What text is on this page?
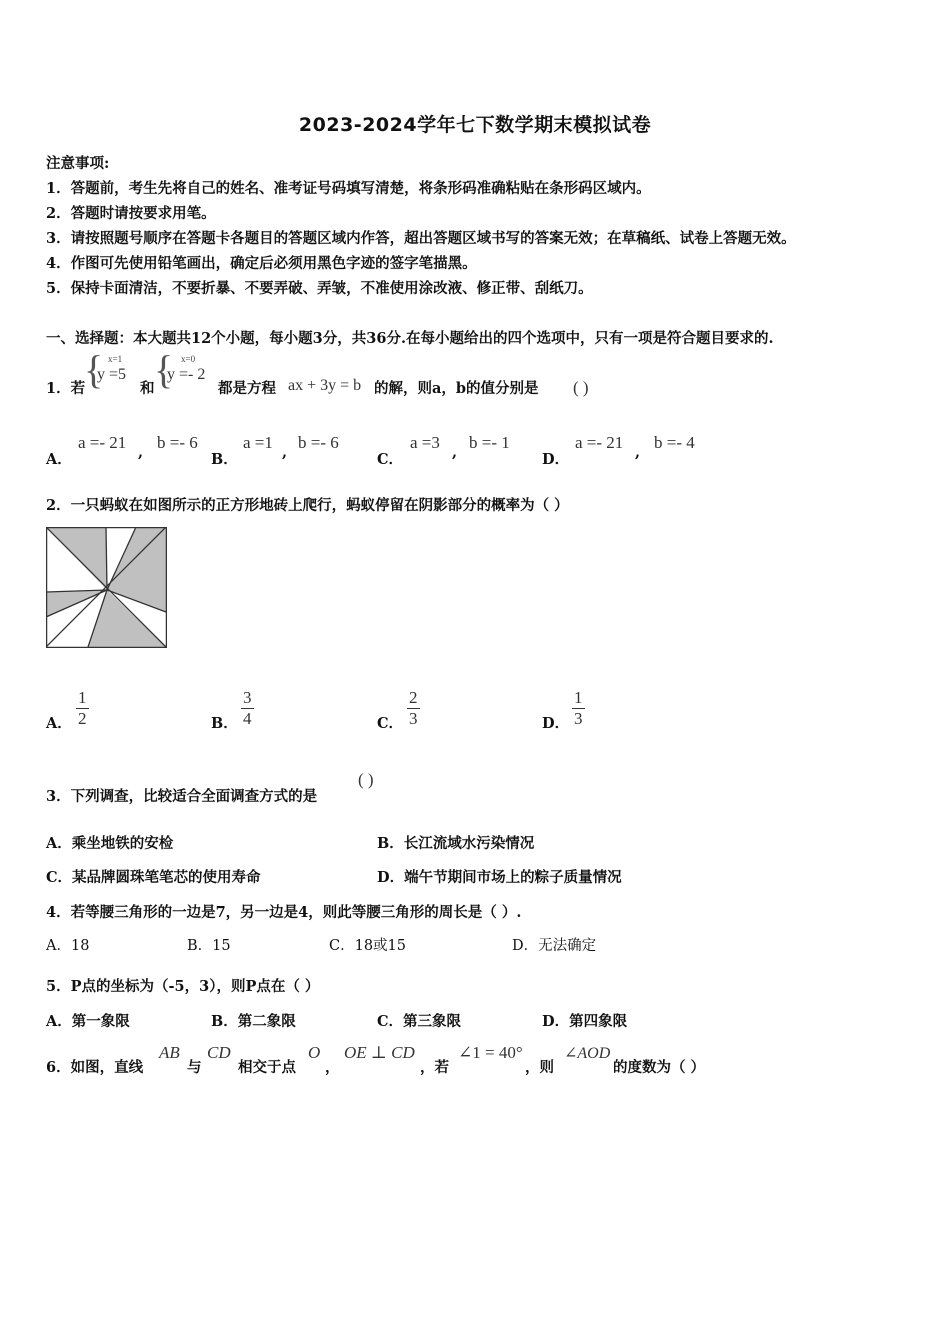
2023-2024学年七下数学期末模拟试卷
注意事项:
1．答题前，考生先将自己的姓名、准考证号码填写清楚，将条形码准确粘贴在条形码区域内。
2．答题时请按要求用笔。
3．请按照题号顺序在答题卡各题目的答题区域内作答，超出答题区域书写的答案无效；在草稿纸、试卷上答题无效。
4．作图可先使用铅笔画出，确定后必须用黑色字迹的签字笔描黑。
5．保持卡面清洁，不要折暴、不要弄破、弄皱，不准使用涂改液、修正带、刮纸刀。
一、选择题：本大题共12个小题，每小题3分，共36分.在每小题给出的四个选项中，只有一项是符合题目要求的.
1．若
{ x=1
y =5
和 { x=0
y =- 2
都是方程 ax + 3y = b 的解，则a，b的值分别是 ( )
A．
a =- 21
,
b =- 6
B．
a =1
,
b =- 6
C．
a =3
,
b =- 1
D．
a =- 21
,
b =- 4
2．一只蚂蚁在如图所示的正方形地砖上爬行，蚂蚁停留在阴影部分的概率为（ ）
A． $\frac{1}{2}$	B． $\frac{3}{4}$	C． $\frac{2}{3}$	D． $\frac{1}{3}$
3．下列调查，比较适合全面调查方式的是
( )
A．乘坐地铁的安检	B．长江流域水污染情况
C．某品牌圆珠笔笔芯的使用寿命	D．端午节期间市场上的粽子质量情况
4．若等腰三角形的一边是7，另一边是4，则此等腰三角形的周长是（ ）.
A．18	B．15	C．18或15	D．无法确定
5．P点的坐标为（-5，3），则P点在（ ）
A．第一象限	B．第二象限	C．第三象限	D．第四象限
6．如图，直线
AB
与
CD
相交于点
O
，
OE ⊥ CD
，若
∠1 = 40°
，则
∠AOD
的度数为（ ）
